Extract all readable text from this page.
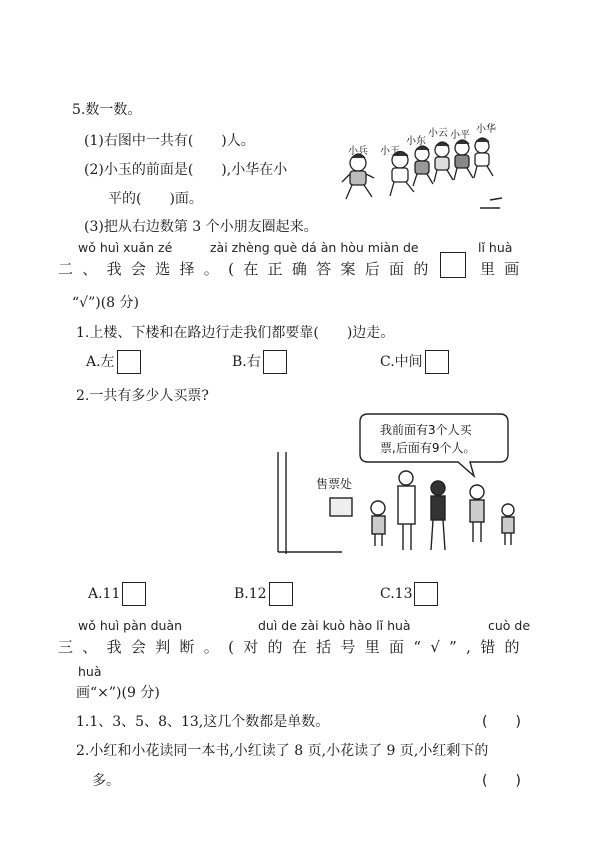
5.数一数。
(1)右图中一共有(　　)人。
(2)小玉的前面是(　　),小华在小
平的(　　)面。
(3)把从右边数第 3 个小朋友圈起来。
小兵 小玉
小东
小云 小平
小华
wǒ huì xuǎn zé	zài zhèng què dá àn hòu miàn de	lǐ huà
二、我会选择。(在正确答案后面的	里画
“√”)(8 分)
1.上楼、下楼和在路边行走我们都要靠(　　)边走。
A.左	B.右	C.中间
2.一共有多少人买票?
我前面有3个人买
票,后面有9个人。
售票处
A.11	B.12	C.13
wǒ huì pàn duàn	duì de zài kuò hào lǐ huà	cuò de
三、我会判断。(对的在括号里面“√”,错的
huà
画“×”)(9 分)
1.1、3、5、8、13,这几个数都是单数。	(　　)
2.小红和小花读同一本书,小红读了 8 页,小花读了 9 页,小红剩下的
多。	(　　)
